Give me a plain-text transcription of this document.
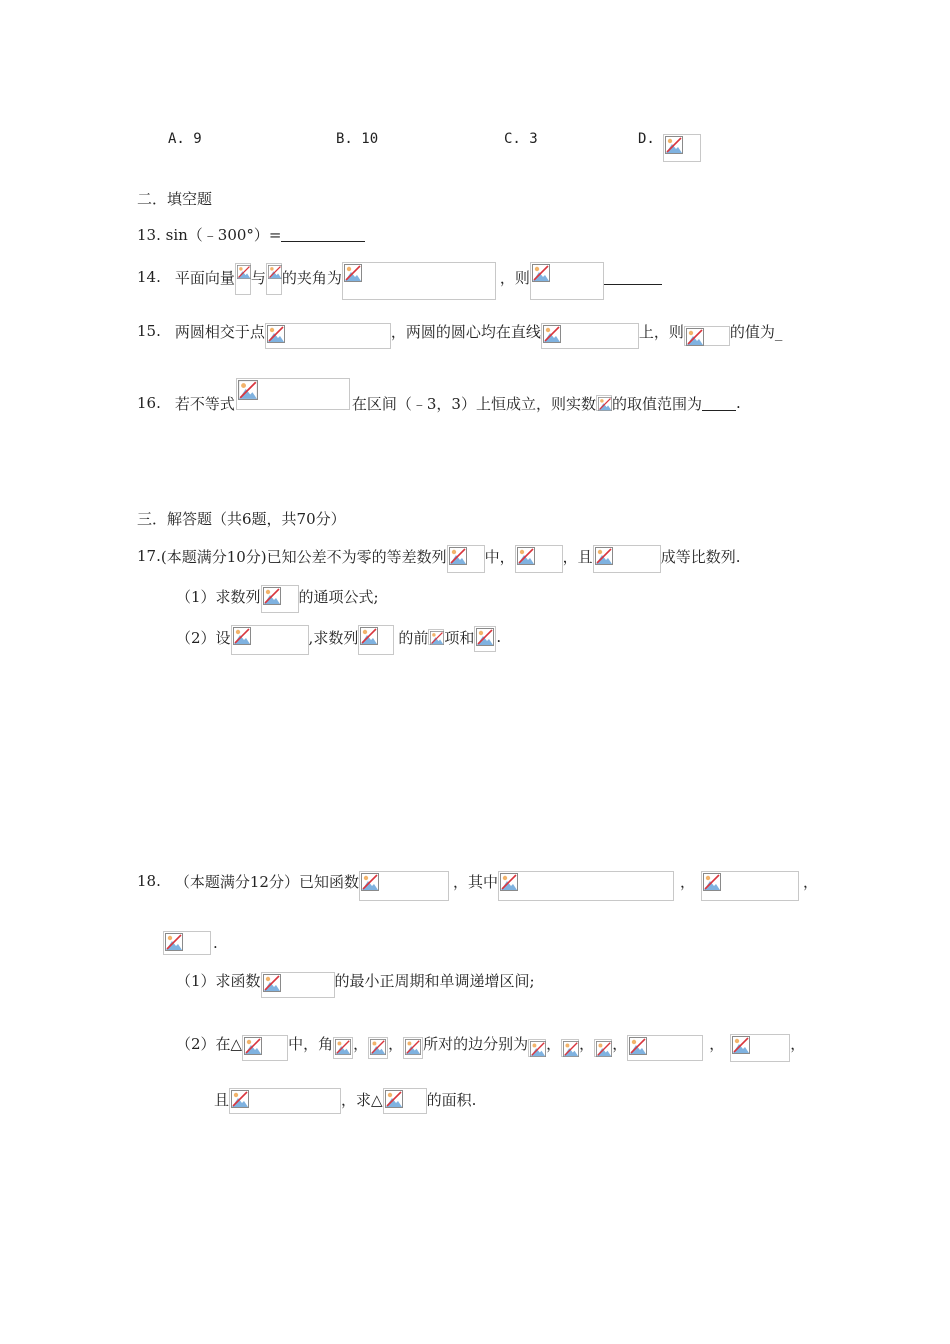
A. 9	B. 10	C. 3	D.
二．填空题
13. sin（﹣300°）=
14. 平面向量 与 的夹角为	，则
15. 两圆相交于点	，两圆的圆心均在直线	上，则	的值为_
16. 若不等式	在区间（﹣3，3）上恒成立，则实数 的取值范围为 .
三．解答题（共6题，共70分）
17. (本题满分10分)已知公差不为零的等差数列	中，	，且	成等比数列.
（1）求数列	的通项公式;
（2）设	,求数列	的前 项和 .
18. （本题满分12分）已知函数	，其中	，	，
.
（1）求函数	的最小正周期和单调递增区间;
（2）在△	中，角 ， ， 所对的边分别为 ， ， ，	，	，
且	，求△	的面积.
